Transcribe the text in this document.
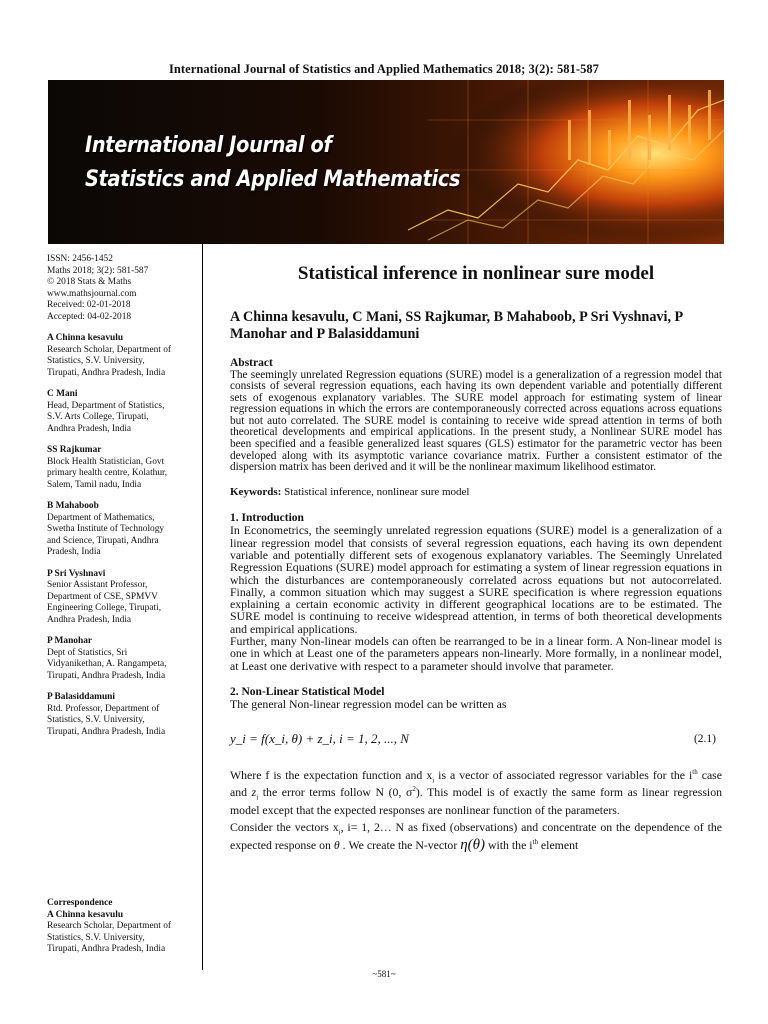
International Journal of Statistics and Applied Mathematics 2018; 3(2): 581-587
International Journal of
Statistics and Applied Mathematics
ISSN: 2456-1452
Maths 2018; 3(2): 581-587
© 2018 Stats & Maths
www.mathsjournal.com
Received: 02-01-2018
Accepted: 04-02-2018
A Chinna kesavulu
Research Scholar, Department of
Statistics, S.V. University,
Tirupati, Andhra Pradesh, India
C Mani
Head, Department of Statistics,
S.V. Arts College, Tirupati,
Andhra Pradesh, India
SS Rajkumar
Block Health Statistician, Govt
primary health centre, Kolathur,
Salem, Tamil nadu, India
B Mahaboob
Department of Mathematics,
Swetha Institute of Technology
and Science, Tirupati, Andhra
Pradesh, India
P Sri Vyshnavi
Senior Assistant Professor,
Department of CSE, SPMVV
Engineering College, Tirupati,
Andhra Pradesh, India
P Manohar
Dept of Statistics, Sri
Vidyanikethan, A. Rangampeta,
Tirupati, Andhra Pradesh, India
P Balasiddamuni
Rtd. Professor, Department of
Statistics, S.V. University,
Tirupati, Andhra Pradesh, India
Correspondence
A Chinna kesavulu
Research Scholar, Department of
Statistics, S.V. University,
Tirupati, Andhra Pradesh, India
Statistical inference in nonlinear sure model
A Chinna kesavulu, C Mani, SS Rajkumar, B Mahaboob, P Sri Vyshnavi, P Manohar and P Balasiddamuni
Abstract

The seemingly unrelated Regression equations (SURE) model is a generalization of a regression model that consists of several regression equations, each having its own dependent variable and potentially different sets of exogenous explanatory variables. The SURE model approach for estimating system of linear regression equations in which the errors are contemporaneously corrected across equations across equations but not auto correlated. The SURE model is containing to receive wide spread attention in terms of both theoretical developments and empirical applications. In the present study, a Nonlinear SURE model has been specified and a feasible generalized least squares (GLS) estimator for the parametric vector has been developed along with its asymptotic variance covariance matrix. Further a consistent estimator of the dispersion matrix has been derived and it will be the nonlinear maximum likelihood estimator.

Keywords: Statistical inference, nonlinear sure model
1. Introduction

In Econometrics, the seemingly unrelated regression equations (SURE) model is a generalization of a linear regression model that consists of several regression equations, each having its own dependent variable and potentially different sets of exogenous explanatory variables. The Seemingly Unrelated Regression Equations (SURE) model approach for estimating a system of linear regression equations in which the disturbances are contemporaneously correlated across equations but not autocorrelated. Finally, a common situation which may suggest a SURE specification is where regression equations explaining a certain economic activity in different geographical locations are to be estimated. The SURE model is continuing to receive widespread attention, in terms of both theoretical developments and empirical applications.

Further, many Non-linear models can often be rearranged to be in a linear form. A Non-linear model is one in which at Least one of the parameters appears non-linearly. More formally, in a nonlinear model, at Least one derivative with respect to a parameter should involve that parameter.

2. Non-Linear Statistical Model

The general Non-linear regression model can be written as

y_i = f(x_i, θ) + z_i, i = 1, 2, ..., N	(2.1)

Where f is the expectation function and $x_i$ is a vector of associated regressor variables for the $i^{th}$ case and $z_i$ the error terms follow N (0, $\sigma^2$). This model is of exactly the same form as linear regression model except that the expected responses are nonlinear function of the parameters.
Consider the vectors $x_i$, i= 1, 2… N as fixed (observations) and concentrate on the dependence of the expected response on θ . We create the N-vector η(θ) with the $i^{th}$ element

~581~
